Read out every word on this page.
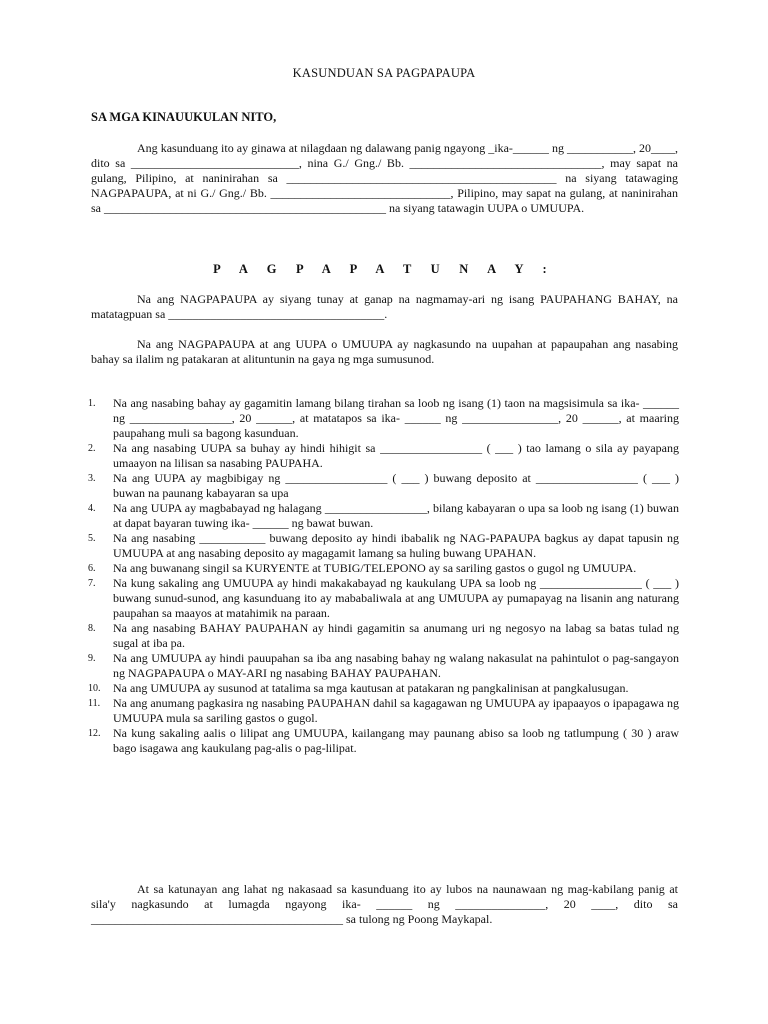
KASUNDUAN SA PAGPAPAUPA
SA MGA KINAUUKULAN NITO,
Ang kasunduang ito ay ginawa at nilagdaan ng dalawang panig ngayong _ika-______ ng ___________, 20____, dito sa ____________________________, nina G./ Gng./ Bb. ________________________________, may sapat na gulang, Pilipino, at naninirahan sa _____________________________________________ na siyang tatawaging NAGPAPAUPA, at ni G./ Gng./ Bb. ______________________________, Pilipino, may sapat na gulang, at naninirahan sa _______________________________________________ na siyang tatawagin UUPA o UMUUPA.
P A G P A P A T U N A Y :
Na ang NAGPAPAUPA ay siyang tunay at ganap na nagmamay-ari ng isang PAUPAHANG BAHAY, na matatagpuan sa ____________________________________.
Na ang NAGPAPAUPA at ang UUPA o UMUUPA ay nagkasundo na uupahan at papaupahan ang nasabing bahay sa ilalim ng patakaran at alituntunin na gaya ng mga sumusunod.
1. Na ang nasabing bahay ay gagamitin lamang bilang tirahan sa loob ng isang (1) taon na magsisimula sa ika- ______ ng _________________, 20 ______, at matatapos sa ika- ______ ng ________________, 20 ______, at maaring paupahang muli sa bagong kasunduan.
2. Na ang nasabing UUPA sa buhay ay hindi hihigit sa _________________ ( ___ ) tao lamang o sila ay payapang umaayon na lilisan sa nasabing PAUPAHA.
3. Na ang UUPA ay magbibigay ng _________________ ( ___ ) buwang deposito at _________________ ( ___ ) buwan na paunang kabayaran sa upa
4. Na ang UUPA ay magbabayad ng halagang _________________, bilang kabayaran o upa sa loob ng isang (1) buwan at dapat bayaran tuwing ika- ______ ng bawat buwan.
5. Na ang nasabing ___________ buwang deposito ay hindi ibabalik ng NAG-PAPAUPA bagkus ay dapat tapusin ng UMUUPA at ang nasabing deposito ay magagamit lamang sa huling buwang UPAHAN.
6. Na ang buwanang singil sa KURYENTE at TUBIG/TELEPONO ay sa sariling gastos o gugol ng UMUUPA.
7. Na kung sakaling ang UMUUPA ay hindi makakabayad ng kaukulang UPA sa loob ng _________________ ( ___ ) buwang sunud-sunod, ang kasunduang ito ay mababaliwala at ang UMUUPA ay pumapayag na lisanin ang naturang paupahan sa maayos at matahimik na paraan.
8. Na ang nasabing BAHAY PAUPAHAN ay hindi gagamitin sa anumang uri ng negosyo na labag sa batas tulad ng sugal at iba pa.
9. Na ang UMUUPA ay hindi pauupahan sa iba ang nasabing bahay ng walang nakasulat na pahintulot o pag-sangayon ng NAGPAPAUPA o MAY-ARI ng nasabing BAHAY PAUPAHAN.
10. Na ang UMUUPA ay susunod at tatalima sa mga kautusan at patakaran ng pangkalinisan at pangkalusugan.
11. Na ang anumang pagkasira ng nasabing PAUPAHAN dahil sa kagagawan ng UMUUPA ay ipapaayos o ipapagawa ng UMUUPA mula sa sariling gastos o gugol.
12. Na kung sakaling aalis o lilipat ang UMUUPA, kailangang may paunang abiso sa loob ng tatlumpung ( 30 ) araw bago isagawa ang kaukulang pag-alis o pag-lilipat.
At sa katunayan ang lahat ng nakasaad sa kasunduang ito ay lubos na naunawaan ng mag-kabilang panig at sila'y nagkasundo at lumagda ngayong ika- ______ ng _______________, 20 ____, dito sa __________________________________________ sa tulong ng Poong Maykapal.
